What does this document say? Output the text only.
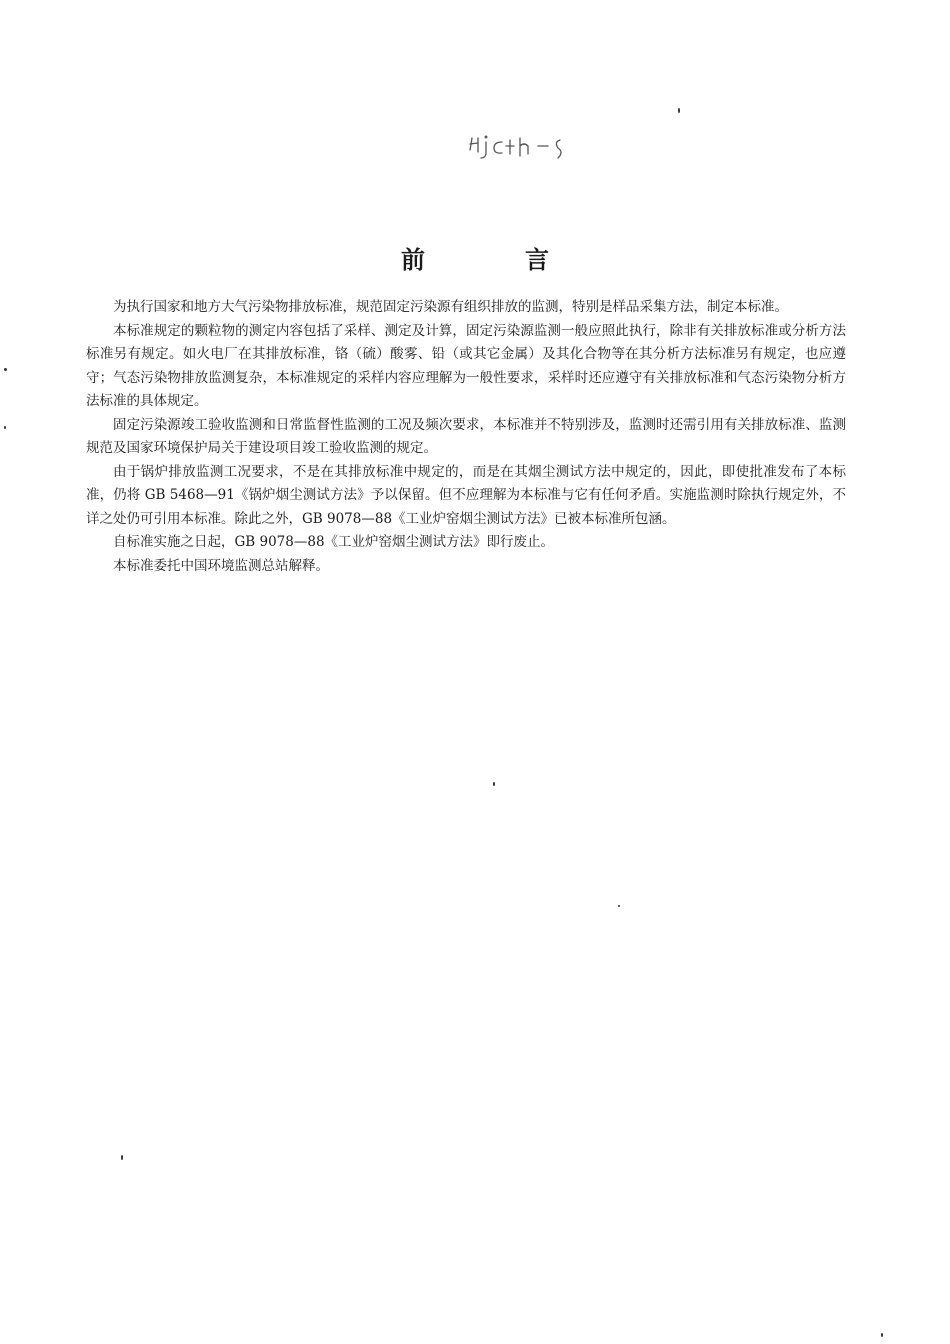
前　言

为执行国家和地方大气污染物排放标准，规范固定污染源有组织排放的监测，特别是样品采集方法，制定本标准。

本标准规定的颗粒物的测定内容包括了采样、测定及计算，固定污染源监测一般应照此执行，除非有关排放标准或分析方法标准另有规定。如火电厂在其排放标准，铬（硫）酸雾、铅（或其它金属）及其化合物等在其分析方法标准另有规定，也应遵守；气态污染物排放监测复杂，本标准规定的采样内容应理解为一般性要求，采样时还应遵守有关排放标准和气态污染物分析方法标准的具体规定。

固定污染源竣工验收监测和日常监督性监测的工况及频次要求，本标准并不特别涉及，监测时还需引用有关排放标准、监测规范及国家环境保护局关于建设项目竣工验收监测的规定。

由于锅炉排放监测工况要求，不是在其排放标准中规定的，而是在其烟尘测试方法中规定的，因此，即使批准发布了本标准，仍将 GB 5468—91《锅炉烟尘测试方法》予以保留。但不应理解为本标准与它有任何矛盾。实施监测时除执行规定外，不详之处仍可引用本标准。除此之外，GB 9078—88《工业炉窑烟尘测试方法》已被本标准所包涵。

自标准实施之日起，GB 9078—88《工业炉窑烟尘测试方法》即行废止。

本标准委托中国环境监测总站解释。
